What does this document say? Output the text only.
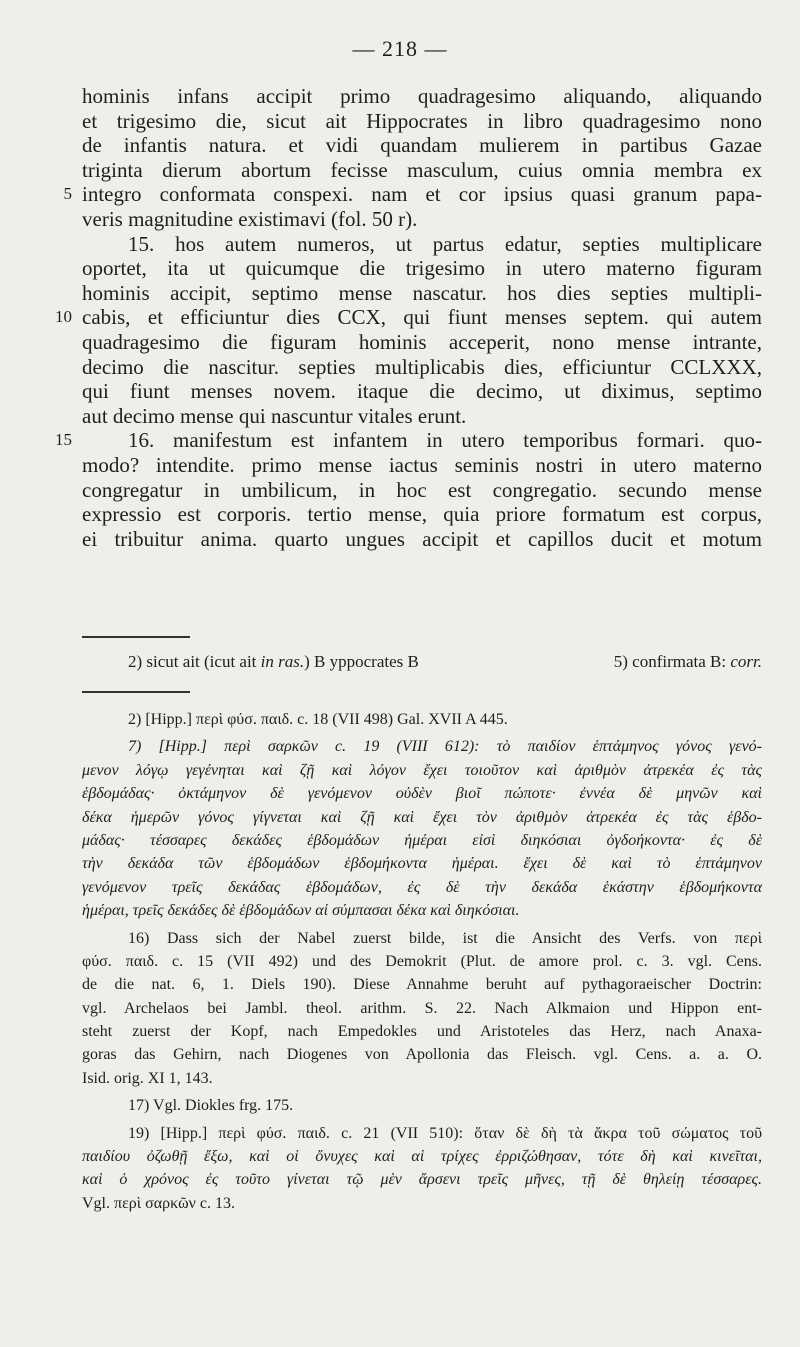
— 218 —
hominis infans accipit primo quadragesimo aliquando, aliquando
et trigesimo die, sicut ait Hippocrates in libro quadragesimo nono
de infantis natura. et vidi quandam mulierem in partibus Gazae
triginta dierum abortum fecisse masculum, cuius omnia membra ex
5 integro conformata conspexi. nam et cor ipsius quasi granum papa-
veris magnitudine existimavi (fol. 50 r).
15. hos autem numeros, ut partus edatur, septies multiplicare
oportet, ita ut quicumque die trigesimo in utero materno figuram
hominis accipit, septimo mense nascatur. hos dies septies multipli-
10 cabis, et efficiuntur dies CCX, qui fiunt menses septem. qui autem
quadragesimo die figuram hominis acceperit, nono mense intrante,
decimo die nascitur. septies multiplicabis dies, efficiuntur CCLXXX,
qui fiunt menses novem. itaque die decimo, ut diximus, septimo
aut decimo mense qui nascuntur vitales erunt.
15	16. manifestum est infantem in utero temporibus formari. quo-
modo? intendite. primo mense iactus seminis nostri in utero materno
congregatur in umbilicum, in hoc est congregatio. secundo mense
expressio est corporis. tertio mense, quia priore formatum est corpus,
ei tribuitur anima. quarto ungues accipit et capillos ducit et motum
2) sicut ait (icut ait in ras.) B yppocrates B	5) confirmata B: corr.
2) [Hipp.] περὶ φύσ. παιδ. c. 18 (VII 498) Gal. XVII A 445.
7) [Hipp.] περὶ σαρκῶν c. 19 (VIII 612): τὸ παιδίον ἑπτάμηνος γόνος γενό-
μενον λόγῳ γεγένηται καὶ ζῇ καὶ λόγον ἔχει τοιοῦτον καὶ ἀριθμὸν ἀτρεκέα ἐς τὰς
ἑβδομάδας· ὀκτάμηνον δὲ γενόμενον οὐδὲν βιοῖ πώποτε· ἐννέα δὲ μηνῶν καὶ
δέκα ἡμερῶν γόνος γίγνεται καὶ ζῇ καὶ ἔχει τὸν ἀριθμὸν ἀτρεκέα ἐς τὰς ἑβδο-
μάδας· τέσσαρες δεκάδες ἑβδομάδων ἡμέραι εἰσὶ διηκόσιαι ὀγδοήκοντα· ἐς δὲ
τὴν δεκάδα τῶν ἑβδομάδων ἑβδομήκοντα ἡμέραι. ἔχει δὲ καὶ τὸ ἑπτάμηνον
γενόμενον τρεῖς δεκάδας ἑβδομάδων, ἐς δὲ τὴν δεκάδα ἑκάστην ἑβδομήκοντα
ἡμέραι, τρεῖς δεκάδες δὲ ἑβδομάδων αἱ σύμπασαι δέκα καὶ διηκόσιαι.
16) Dass sich der Nabel zuerst bilde, ist die Ansicht des Verfs. von περὶ
φύσ. παιδ. c. 15 (VII 492) und des Demokrit (Plut. de amore prol. c. 3. vgl. Cens.
de die nat. 6, 1. Diels 190). Diese Annahme beruht auf pythagoraeischer Doctrin:
vgl. Archelaos bei Jambl. theol. arithm. S. 22. Nach Alkmaion und Hippon ent-
steht zuerst der Kopf, nach Empedokles und Aristoteles das Herz, nach Anaxa-
goras das Gehirn, nach Diogenes von Apollonia das Fleisch. vgl. Cens. a. a. O.
Isid. orig. XI 1, 143.
17) Vgl. Diokles frg. 175.
19) [Hipp.] περὶ φύσ. παιδ. c. 21 (VII 510): ὅταν δὲ δὴ τὰ ἄκρα τοῦ σώματος τοῦ
παιδίου ὀζωθῇ ἔξω, καὶ οἱ ὄνυχες καὶ αἱ τρίχες ἐρριζώθησαν, τότε δὴ καὶ κινεῖται,
καὶ ὁ χρόνος ἐς τοῦτο γίνεται τῷ μὲν ἄρσενι τρεῖς μῆνες, τῇ δὲ θηλείῃ τέσσαρες.
Vgl. περὶ σαρκῶν c. 13.
